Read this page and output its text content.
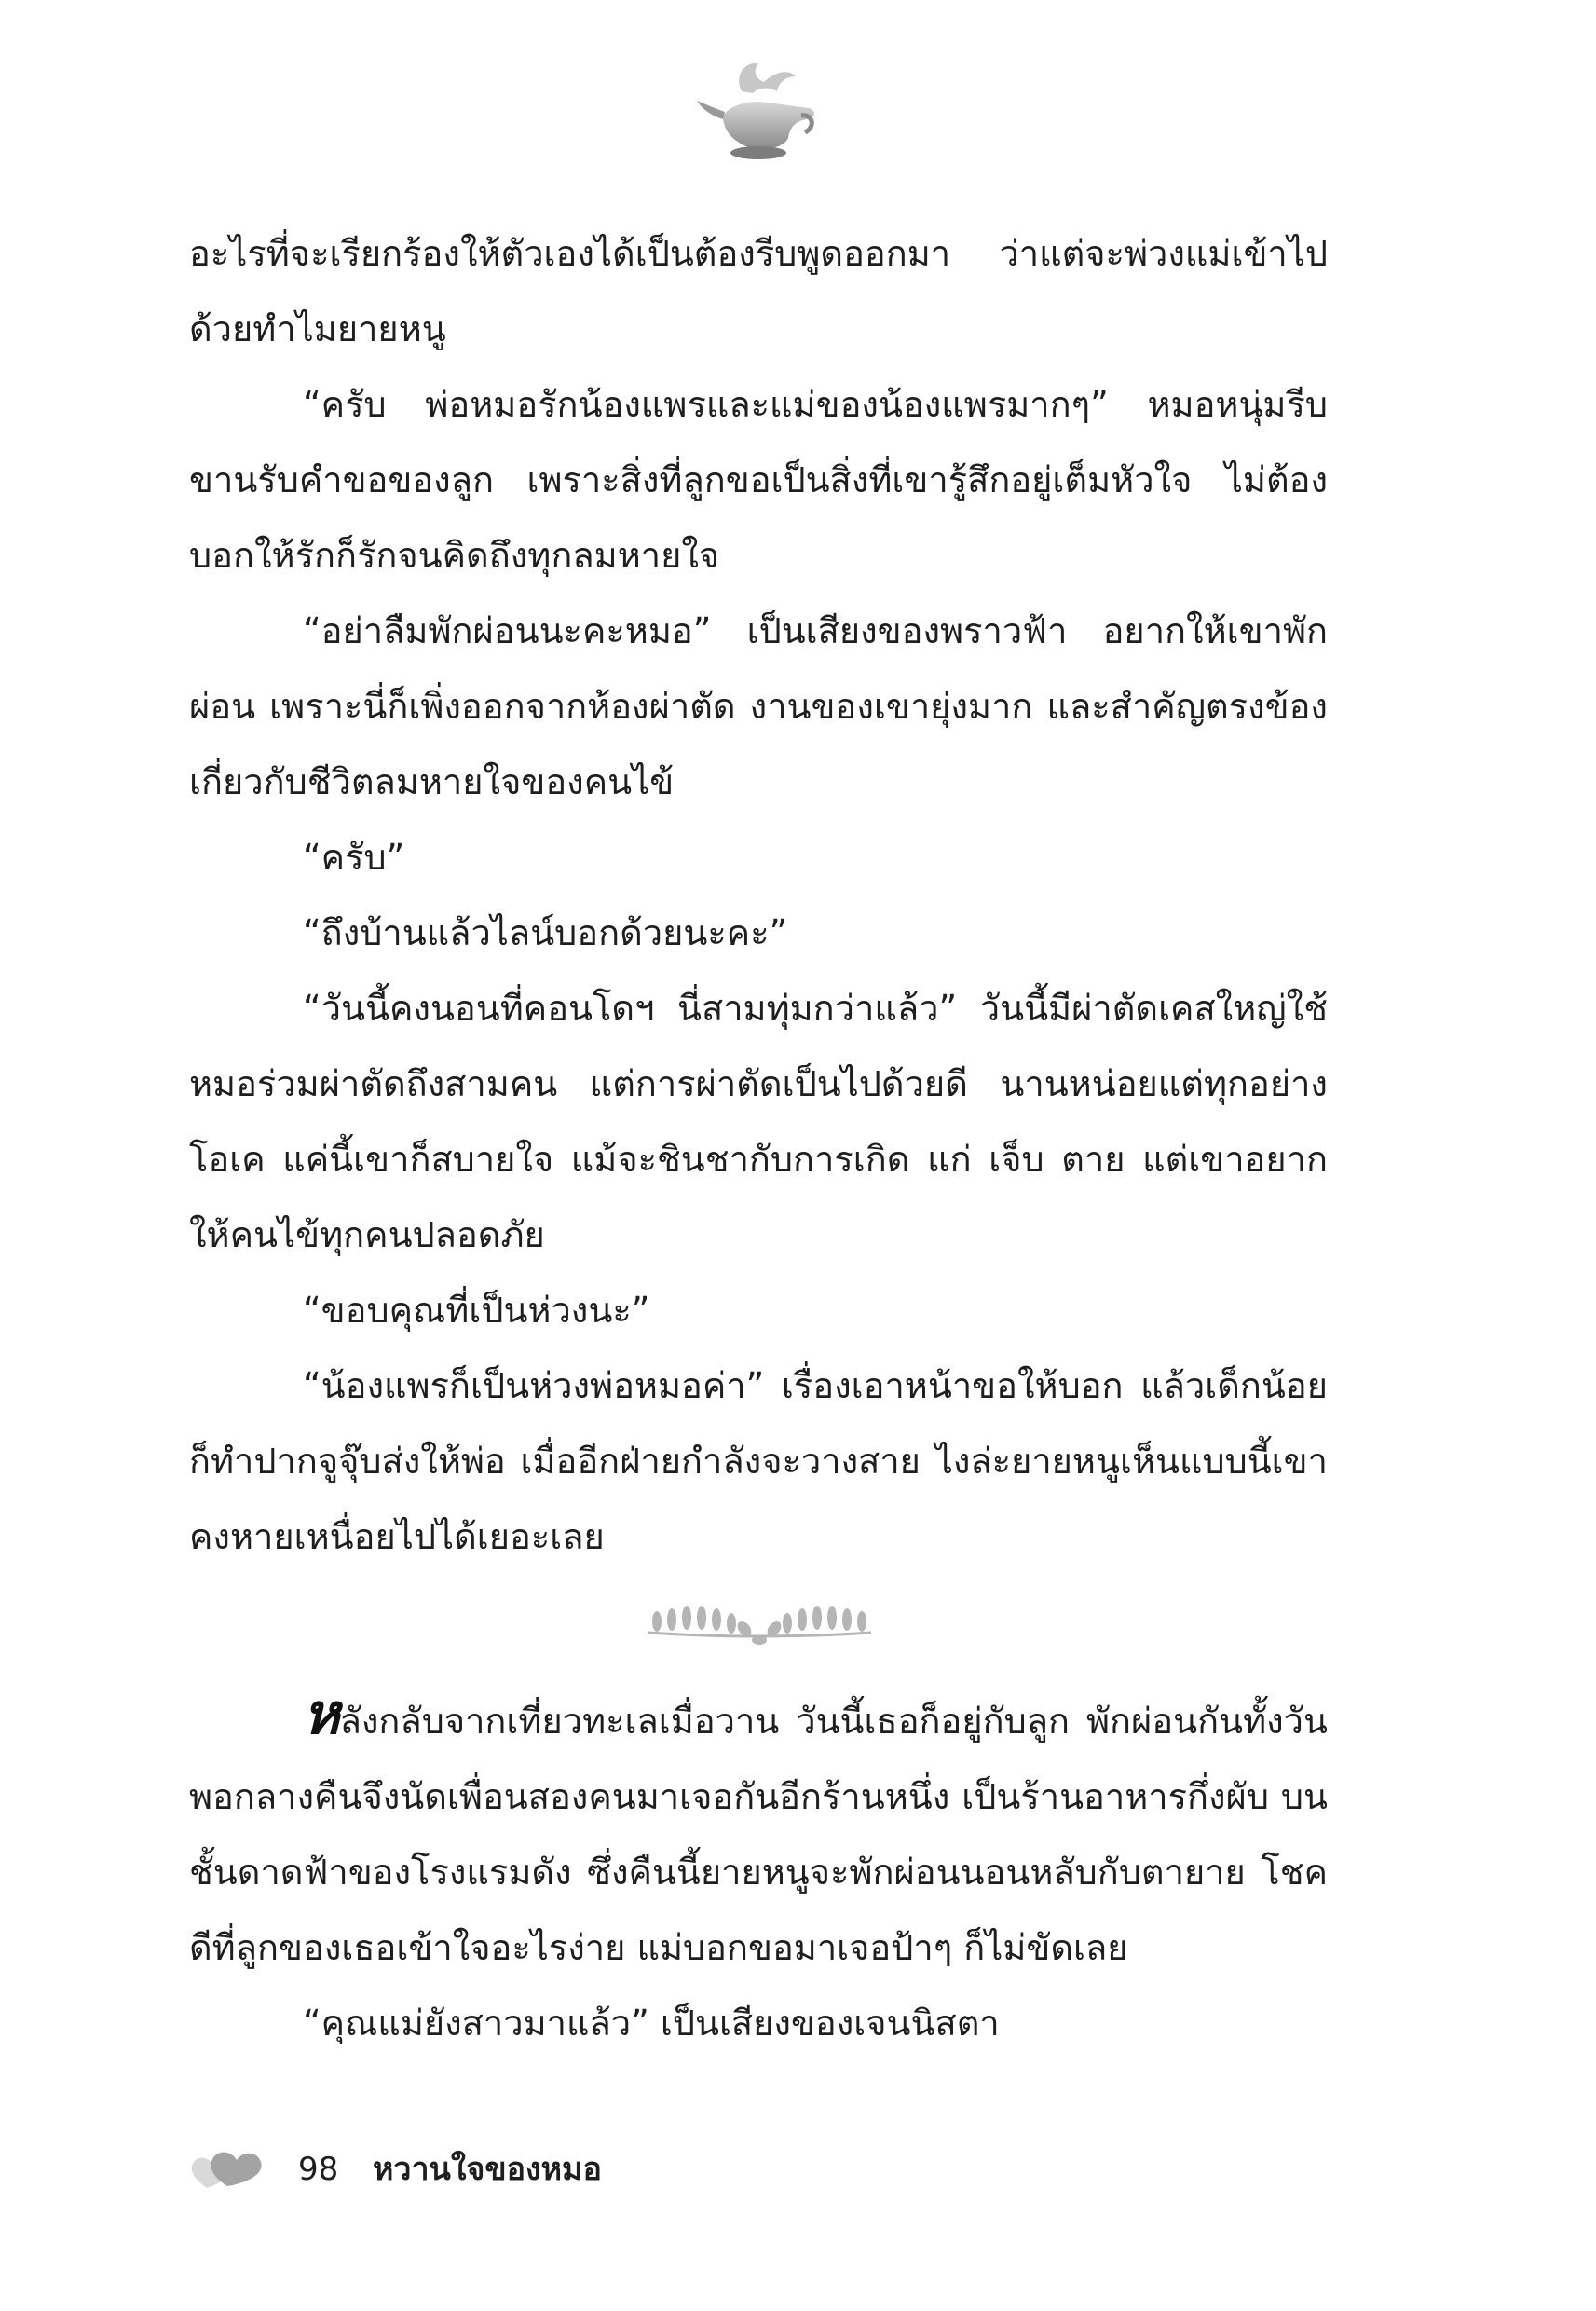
อะไรที่จะเรียกร้องให้ตัวเองได้เป็นต้องรีบพูดออกมา ว่าแต่จะพ่วงแม่เข้าไปด้วยทำไมยายหนู

“ครับ พ่อหมอรักน้องแพรและแม่ของน้องแพรมากๆ” หมอหนุ่มรีบขานรับคำขอของลูก เพราะสิ่งที่ลูกขอเป็นสิ่งที่เขารู้สึกอยู่เต็มหัวใจ ไม่ต้องบอกให้รักก็รักจนคิดถึงทุกลมหายใจ

“อย่าลืมพักผ่อนนะคะหมอ” เป็นเสียงของพราวฟ้า อยากให้เขาพักผ่อน เพราะนี่ก็เพิ่งออกจากห้องผ่าตัด งานของเขายุ่งมาก และสำคัญตรงข้องเกี่ยวกับชีวิตลมหายใจของคนไข้

“ครับ”

“ถึงบ้านแล้วไลน์บอกด้วยนะคะ”

“วันนี้คงนอนที่คอนโดฯ นี่สามทุ่มกว่าแล้ว” วันนี้มีผ่าตัดเคสใหญ่ใช้หมอร่วมผ่าตัดถึงสามคน แต่การผ่าตัดเป็นไปด้วยดี นานหน่อยแต่ทุกอย่างโอเค แค่นี้เขาก็สบายใจ แม้จะชินชากับการเกิด แก่ เจ็บ ตาย แต่เขาอยากให้คนไข้ทุกคนปลอดภัย

“ขอบคุณที่เป็นห่วงนะ”

“น้องแพรก็เป็นห่วงพ่อหมอค่า” เรื่องเอาหน้าขอให้บอก แล้วเด็กน้อยก็ทำปากจูจุ๊บส่งให้พ่อ เมื่ออีกฝ่ายกำลังจะวางสาย ไงล่ะยายหนูเห็นแบบนี้เขาคงหายเหนื่อยไปได้เยอะเลย

หลังกลับจากเที่ยวทะเลเมื่อวาน วันนี้เธอก็อยู่กับลูก พักผ่อนกันทั้งวัน พอกลางคืนจึงนัดเพื่อนสองคนมาเจอกันอีกร้านหนึ่ง เป็นร้านอาหารกึ่งผับ บนชั้นดาดฟ้าของโรงแรมดัง ซึ่งคืนนี้ยายหนูจะพักผ่อนนอนหลับกับตายาย โชคดีที่ลูกของเธอเข้าใจอะไรง่าย แม่บอกขอมาเจอป้าๆ ก็ไม่ขัดเลย

“คุณแม่ยังสาวมาแล้ว” เป็นเสียงของเจนนิสตา

98 หวานใจของหมอ
